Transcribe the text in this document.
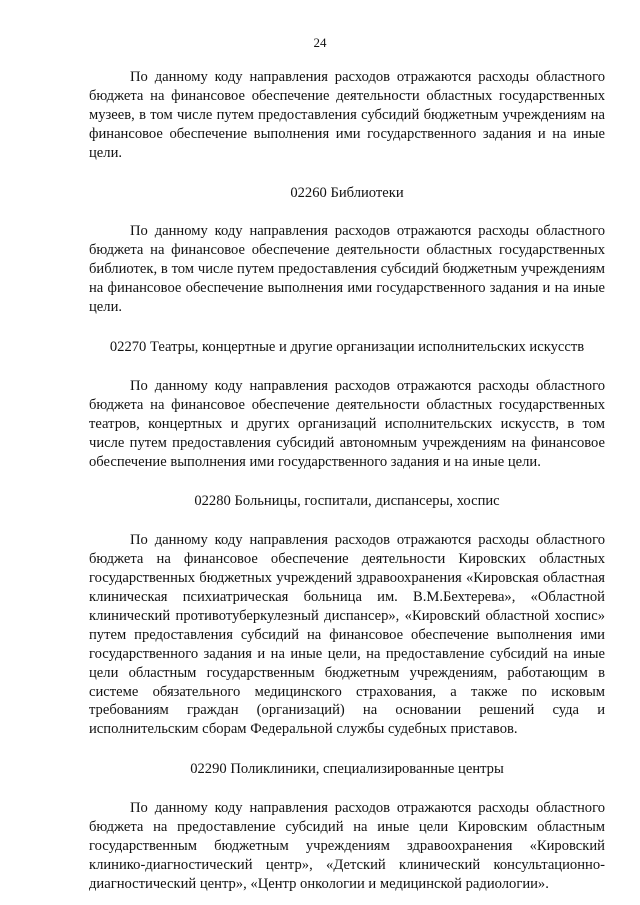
24

По данному коду направления расходов отражаются расходы областного бюджета на финансовое обеспечение деятельности областных государственных музеев, в том числе путем предоставления субсидий бюджетным учреждениям на финансовое обеспечение выполнения ими государственного задания и на иные цели.

02260 Библиотеки

По данному коду направления расходов отражаются расходы областного бюджета на финансовое обеспечение деятельности областных государственных библиотек, в том числе путем предоставления субсидий бюджетным учреждениям на финансовое обеспечение выполнения ими государственного задания и на иные цели.

02270 Театры, концертные и другие организации исполнительских искусств

По данному коду направления расходов отражаются расходы областного бюджета на финансовое обеспечение деятельности областных государственных театров, концертных и других организаций исполнительских искусств, в том числе путем предоставления субсидий автономным учреждениям на финансовое обеспечение выполнения ими государственного задания и на иные цели.

02280 Больницы, госпитали, диспансеры, хоспис

По данному коду направления расходов отражаются расходы областного бюджета на финансовое обеспечение деятельности Кировских областных государственных бюджетных учреждений здравоохранения «Кировская областная клиническая психиатрическая больница им. В.М.Бехтерева», «Областной клинический противотуберкулезный диспансер», «Кировский областной хоспис» путем предоставления субсидий на финансовое обеспечение выполнения ими государственного задания и на иные цели, на предоставление субсидий на иные цели областным государственным бюджетным учреждениям, работающим в системе обязательного медицинского страхования, а также по исковым требованиям граждан (организаций) на основании решений суда и исполнительским сборам Федеральной службы судебных приставов.

02290 Поликлиники, специализированные центры

По данному коду направления расходов отражаются расходы областного бюджета на предоставление субсидий на иные цели Кировским областным государственным бюджетным учреждениям здравоохранения «Кировский клинико-диагностический центр», «Детский клинический консультационно-диагностический центр», «Центр онкологии и медицинской радиологии».
